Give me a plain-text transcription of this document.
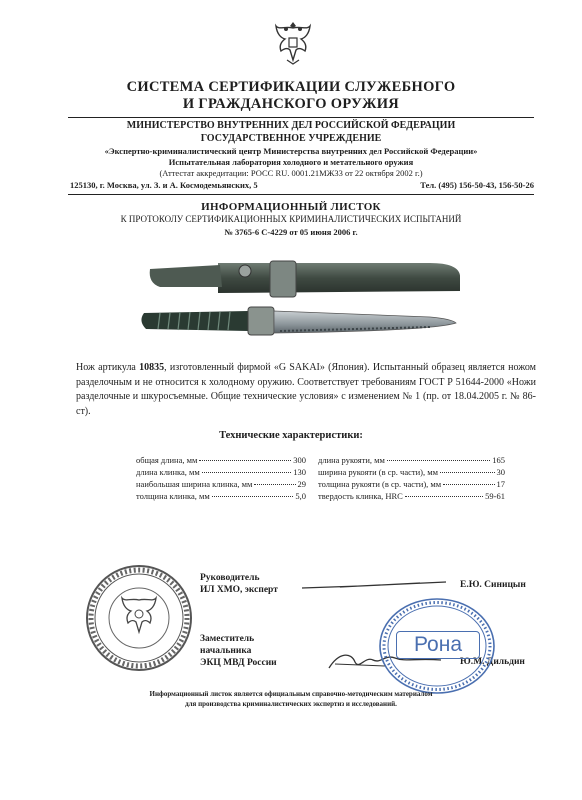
СИСТЕМА СЕРТИФИКАЦИИ СЛУЖЕБНОГО
И ГРАЖДАНСКОГО ОРУЖИЯ
МИНИСТЕРСТВО ВНУТРЕННИХ ДЕЛ РОССИЙСКОЙ ФЕДЕРАЦИИ
ГОСУДАРСТВЕННОЕ УЧРЕЖДЕНИЕ
«Экспертно-криминалистический центр Министерства внутренних дел Российской Федерации»
Испытательная лаборатория холодного и метательного оружия
(Аттестат аккредитации: РОСС RU. 0001.21МЖ33 от 22 октября 2002 г.)
125130, г. Москва, ул. З. и А. Космодемьянских, 5	Тел. (495) 156-50-43, 156-50-26
ИНФОРМАЦИОННЫЙ ЛИСТОК
К ПРОТОКОЛУ СЕРТИФИКАЦИОННЫХ КРИМИНАЛИСТИЧЕСКИХ ИСПЫТАНИЙ
№ 3765-6 С-4229 от 05 июня 2006 г.
Нож артикула 10835, изготовленный фирмой «G SAKAI» (Япония). Испытанный образец является ножом разделочным и не относится к холодному оружию. Соответствует требованиям ГОСТ Р 51644-2000 «Ножи разделочные и шкуросъемные. Общие технические условия» с изменением № 1 (пр. от 18.04.2005 г. № 86-ст).
Технические характеристики:
общая длина, мм	300
длина клинка, мм	130
наибольшая ширина клинка, мм	29
толщина клинка, мм	5,0
длина рукояти, мм	165
ширина рукояти (в ср. части), мм	30
толщина рукояти (в ср. части), мм	17
твердость клинка, HRC	59-61
Руководитель
ИЛ ХМО, эксперт	Е.Ю. Синицын
Заместитель
начальника
ЭКЦ МВД России	Ю.М. Дильдин
Рона
Информационный листок является официальным справочно-методическим материалом
для производства криминалистических экспертиз и исследований.
